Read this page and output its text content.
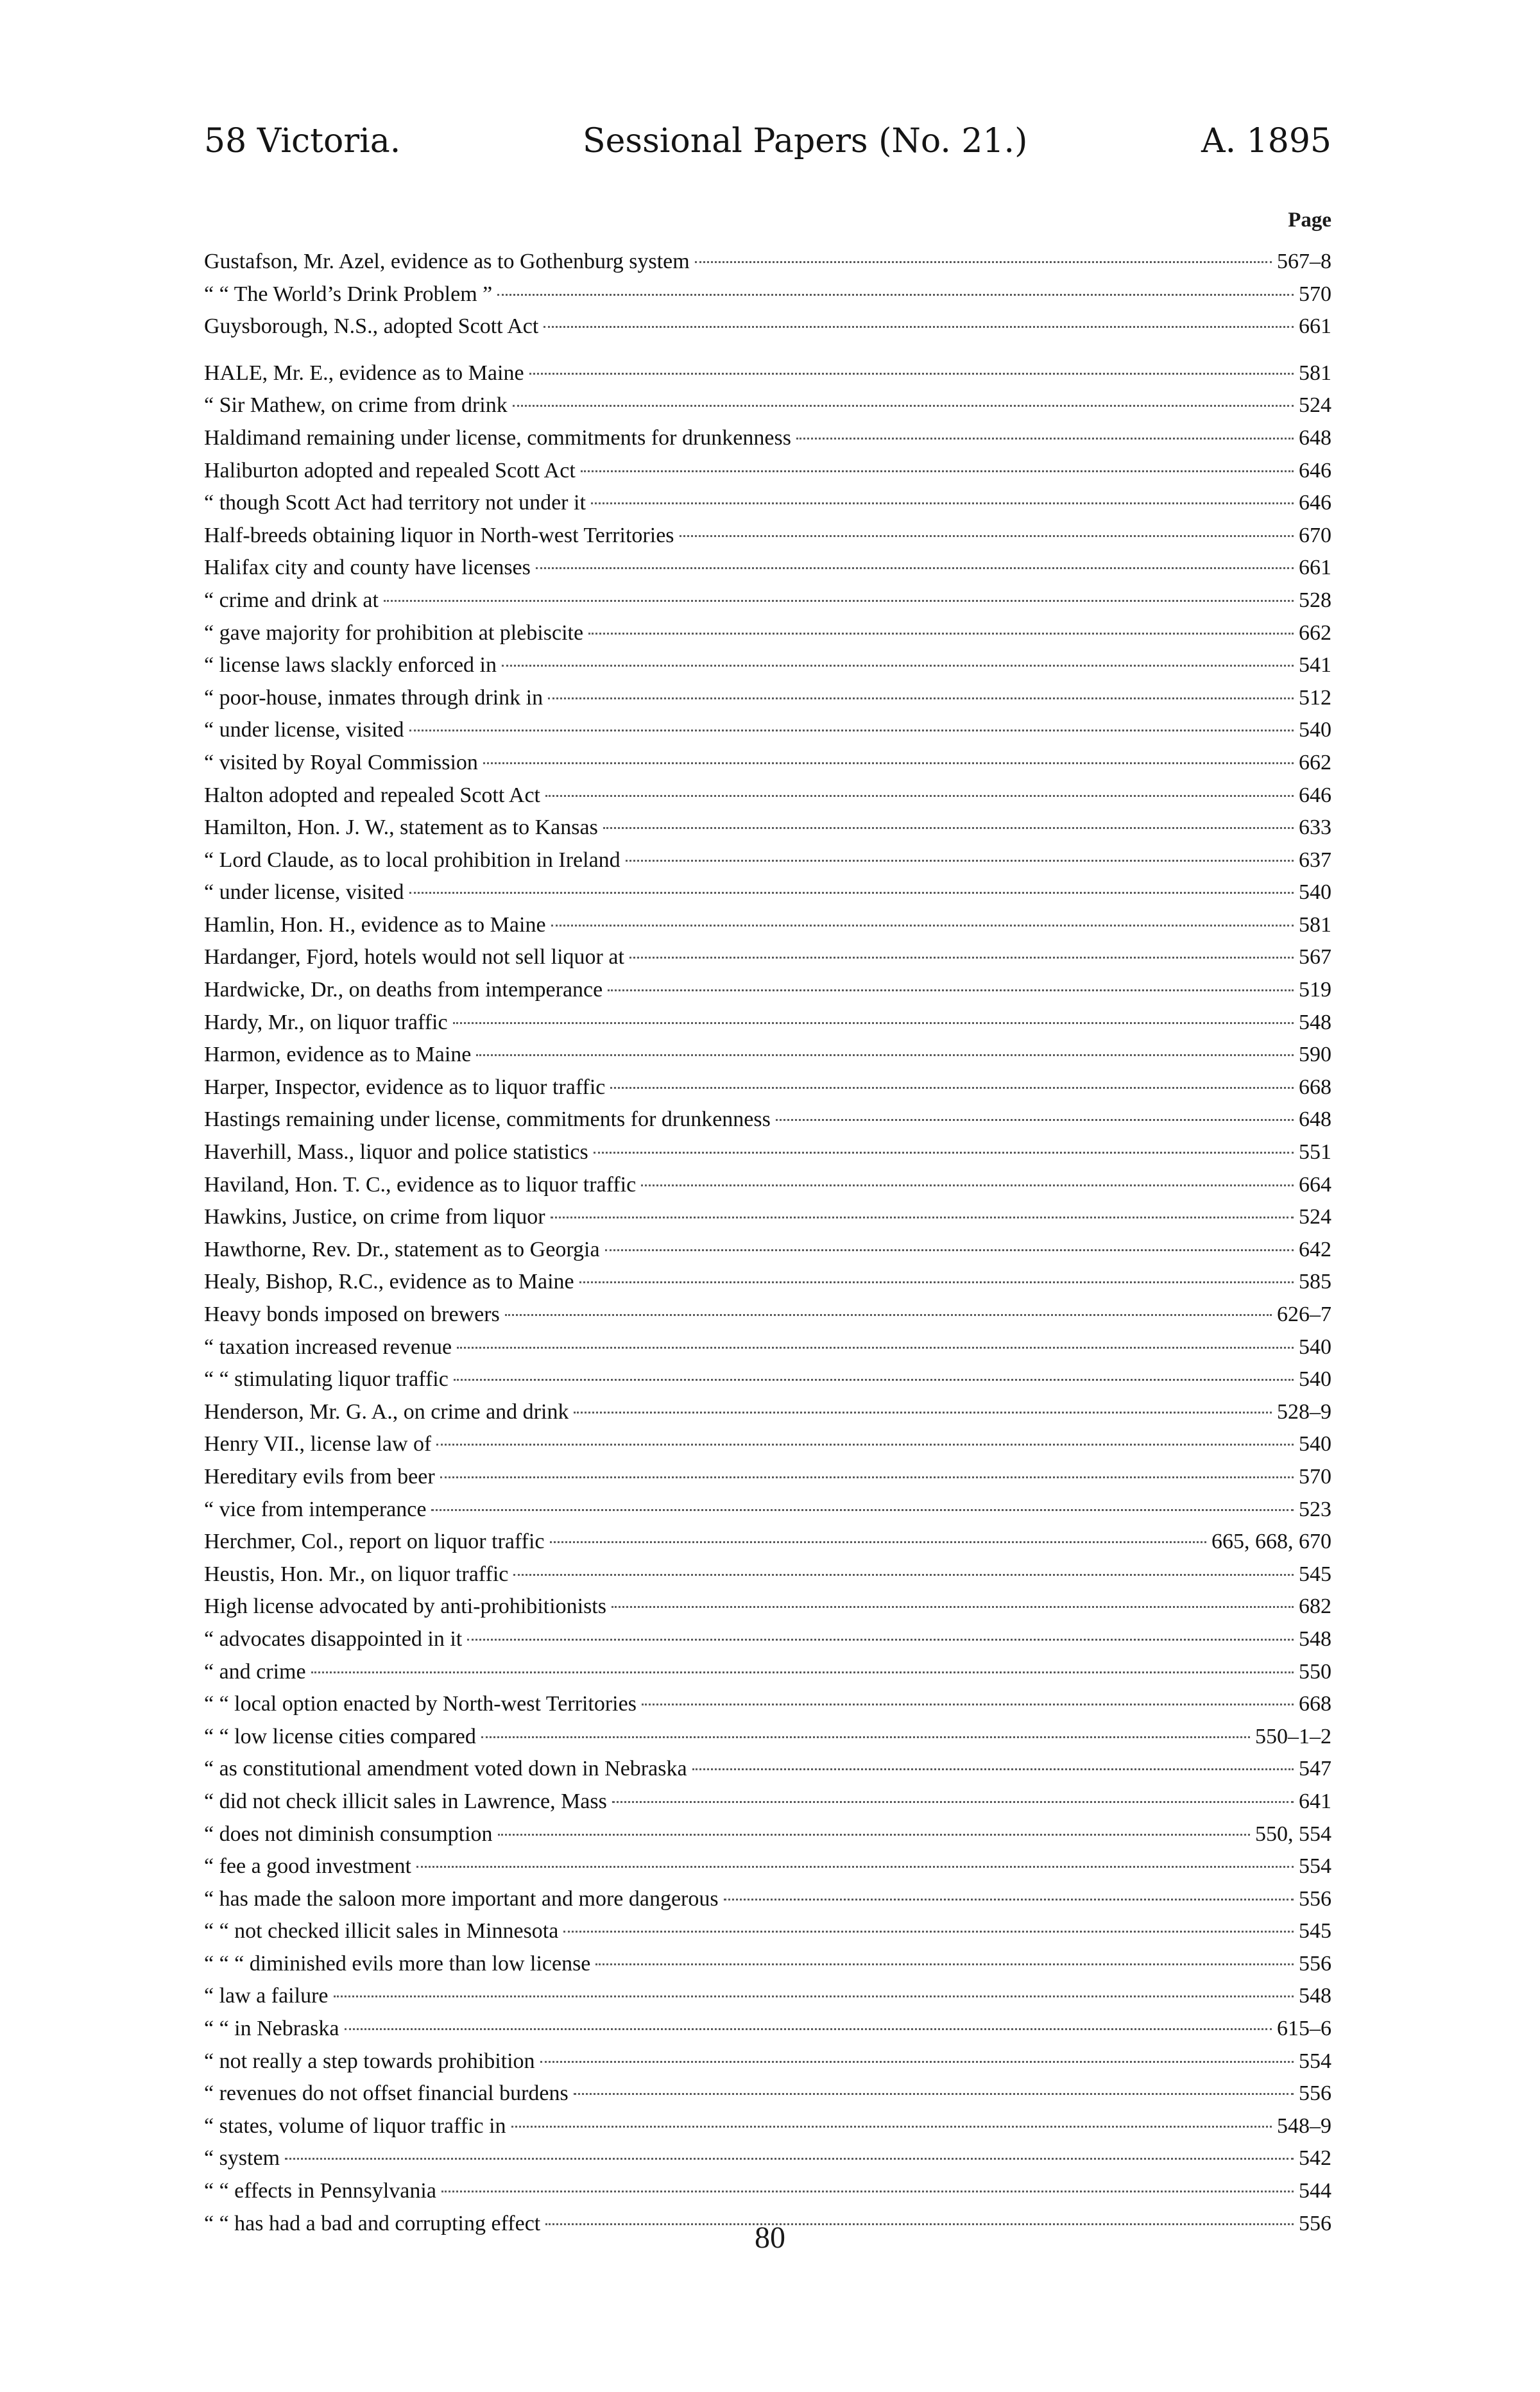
58 Victoria.	Sessional Papers (No. 21.)	A. 1895
Page
Gustafson, Mr. Azel, evidence as to Gothenburg system	567–8
“ “ The World’s Drink Problem ”	570
Guysborough, N.S., adopted Scott Act	661
HALE, Mr. E., evidence as to Maine	581
“ Sir Mathew, on crime from drink	524
Haldimand remaining under license, commitments for drunkenness	648
Haliburton adopted and repealed Scott Act	646
“ though Scott Act had territory not under it	646
Half-breeds obtaining liquor in North-west Territories	670
Halifax city and county have licenses	661
“ crime and drink at	528
“ gave majority for prohibition at plebiscite	662
“ license laws slackly enforced in	541
“ poor-house, inmates through drink in	512
“ under license, visited	540
“ visited by Royal Commission	662
Halton adopted and repealed Scott Act	646
Hamilton, Hon. J. W., statement as to Kansas	633
“ Lord Claude, as to local prohibition in Ireland	637
“ under license, visited	540
Hamlin, Hon. H., evidence as to Maine	581
Hardanger, Fjord, hotels would not sell liquor at	567
Hardwicke, Dr., on deaths from intemperance	519
Hardy, Mr., on liquor traffic	548
Harmon, evidence as to Maine	590
Harper, Inspector, evidence as to liquor traffic	668
Hastings remaining under license, commitments for drunkenness	648
Haverhill, Mass., liquor and police statistics	551
Haviland, Hon. T. C., evidence as to liquor traffic	664
Hawkins, Justice, on crime from liquor	524
Hawthorne, Rev. Dr., statement as to Georgia	642
Healy, Bishop, R.C., evidence as to Maine	585
Heavy bonds imposed on brewers	626–7
“ taxation increased revenue	540
“ “ stimulating liquor traffic	540
Henderson, Mr. G. A., on crime and drink	528–9
Henry VII., license law of	540
Hereditary evils from beer	570
“ vice from intemperance	523
Herchmer, Col., report on liquor traffic	665, 668, 670
Heustis, Hon. Mr., on liquor traffic	545
High license advocated by anti-prohibitionists	682
“ advocates disappointed in it	548
“ and crime	550
“ “ local option enacted by North-west Territories	668
“ “ low license cities compared	550–1–2
“ as constitutional amendment voted down in Nebraska	547
“ did not check illicit sales in Lawrence, Mass	641
“ does not diminish consumption	550, 554
“ fee a good investment	554
“ has made the saloon more important and more dangerous	556
“ “ not checked illicit sales in Minnesota	545
“ “ “ diminished evils more than low license	556
“ law a failure	548
“ “ in Nebraska	615–6
“ not really a step towards prohibition	554
“ revenues do not offset financial burdens	556
“ states, volume of liquor traffic in	548–9
“ system	542
“ “ effects in Pennsylvania	544
“ “ has had a bad and corrupting effect	556
80
